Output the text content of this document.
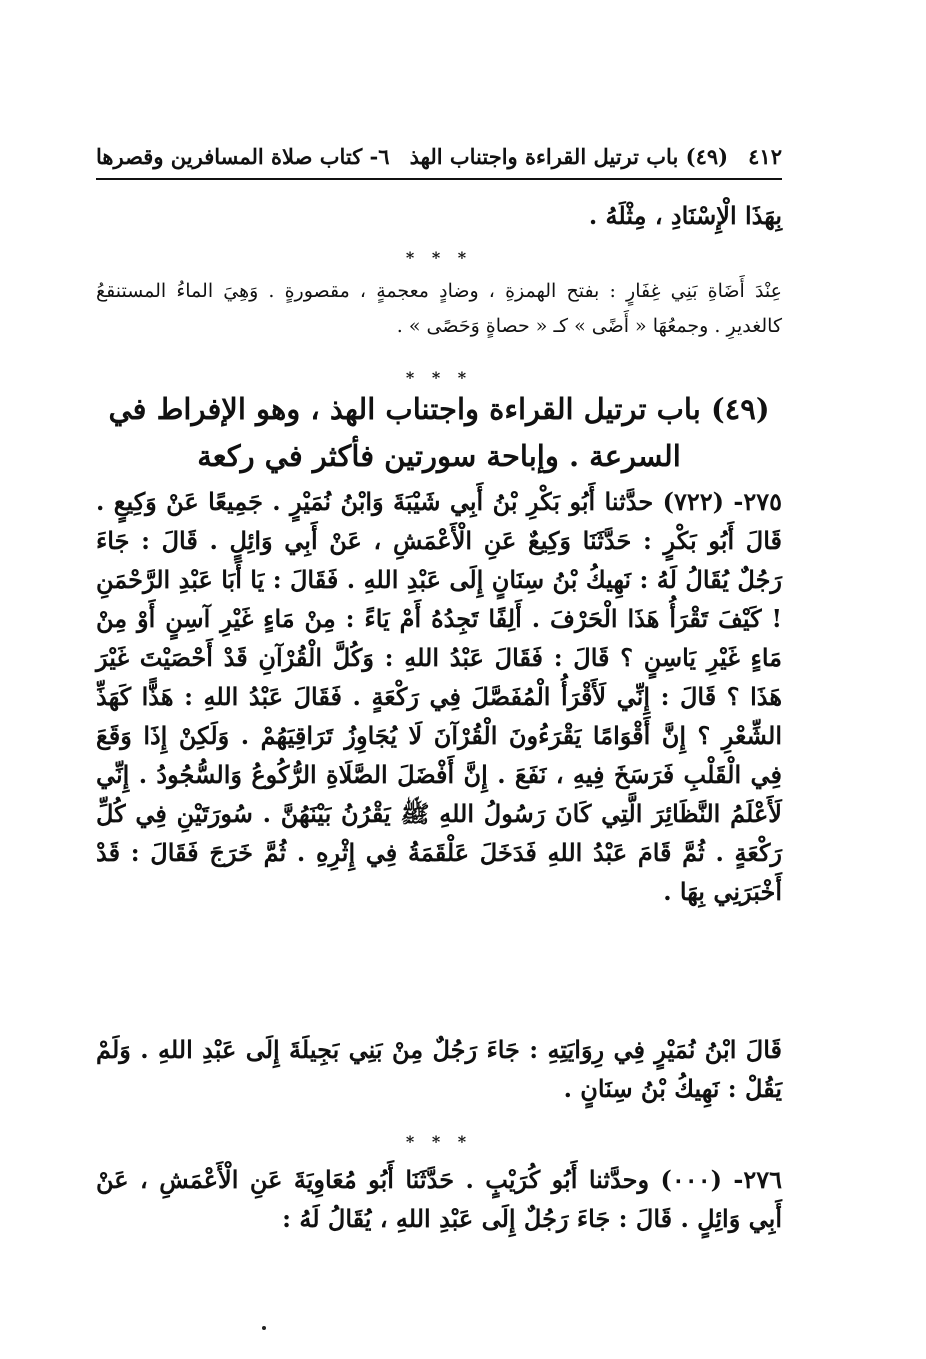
٤١٢
(٤٩) باب ترتيل القراءة واجتناب الهذ
٦- كتاب صلاة المسافرين وقصرها
بِهَذَا الْإِسْنَادِ ، مِثْلَهُ .
* * *
عِنْدَ أَضَاةِ بَنِي غِفَارٍ : بفتح الهمزةِ ، وضادٍ معجمةٍ ، مقصورةٍ . وَهِيَ الماءُ المستنقعُ كالغديرِ . وجمعُهَا « أَضًى » كـ « حصاةٍ وَحَصًى » .
* * *
(٤٩) باب ترتيل القراءة واجتناب الهذ ، وهو الإفراط في السرعة . وإباحة سورتين فأكثر في ركعة
٢٧٥- (٧٢٢) حدَّثنا أَبُو بَكْرِ بْنُ أَبِي شَيْبَةَ وَابْنُ نُمَيْرٍ . جَمِيعًا عَنْ وَكِيعٍ . قَالَ أَبُو بَكْرٍ : حَدَّثَنَا وَكِيعٌ عَنِ الْأَعْمَشِ ، عَنْ أَبِي وَائِلٍ . قَالَ : جَاءَ رَجُلٌ يُقَالُ لَهُ : نَهِيكُ بْنُ سِنَانٍ إِلَى عَبْدِ اللهِ . فَقَالَ : يَا أَبَا عَبْدِ الرَّحْمَنِ ! كَيْفَ تَقْرَأُ هَذَا الْحَرْفَ . أَلِفًا تَجِدُهُ أَمْ يَاءً : مِنْ مَاءٍ غَيْرِ آسِنٍ أَوْ مِنْ مَاءٍ غَيْرِ يَاسِنٍ ؟ قَالَ : فَقَالَ عَبْدُ اللهِ : وَكُلَّ الْقُرْآنِ قَدْ أَحْصَيْتَ غَيْرَ هَذَا ؟ قَالَ : إِنِّي لَأَقْرَأُ الْمُفَصَّلَ فِي رَكْعَةٍ . فَقَالَ عَبْدُ اللهِ : هَذًّا كَهَذِّ الشِّعْرِ ؟ إِنَّ أَقْوَامًا يَقْرَءُونَ الْقُرْآنَ لَا يُجَاوِزُ تَرَاقِيَهُمْ . وَلَكِنْ إِذَا وَقَعَ فِي الْقَلْبِ فَرَسَخَ فِيهِ ، نَفَعَ . إِنَّ أَفْضَلَ الصَّلَاةِ الرُّكُوعُ وَالسُّجُودُ . إِنِّي لَأَعْلَمُ النَّظَائِرَ الَّتِي كَانَ رَسُولُ اللهِ ﷺ يَقْرُنُ بَيْنَهُنَّ . سُورَتَيْنِ فِي كُلِّ رَكْعَةٍ . ثُمَّ قَامَ عَبْدُ اللهِ فَدَخَلَ عَلْقَمَةُ فِي إِثْرِهِ . ثُمَّ خَرَجَ فَقَالَ : قَدْ أَخْبَرَنِي بِهَا .
قَالَ ابْنُ نُمَيْرٍ فِي رِوَايَتِهِ : جَاءَ رَجُلٌ مِنْ بَنِي بَجِيلَةَ إِلَى عَبْدِ اللهِ . وَلَمْ يَقُلْ : نَهِيكُ بْنُ سِنَانٍ .
* * *
٢٧٦- (٠٠٠) وحدَّثنا أَبُو كُرَيْبٍ . حَدَّثَنَا أَبُو مُعَاوِيَةَ عَنِ الْأَعْمَشِ ، عَنْ أَبِي وَائِلٍ . قَالَ : جَاءَ رَجُلٌ إِلَى عَبْدِ اللهِ ، يُقَالُ لَهُ :
